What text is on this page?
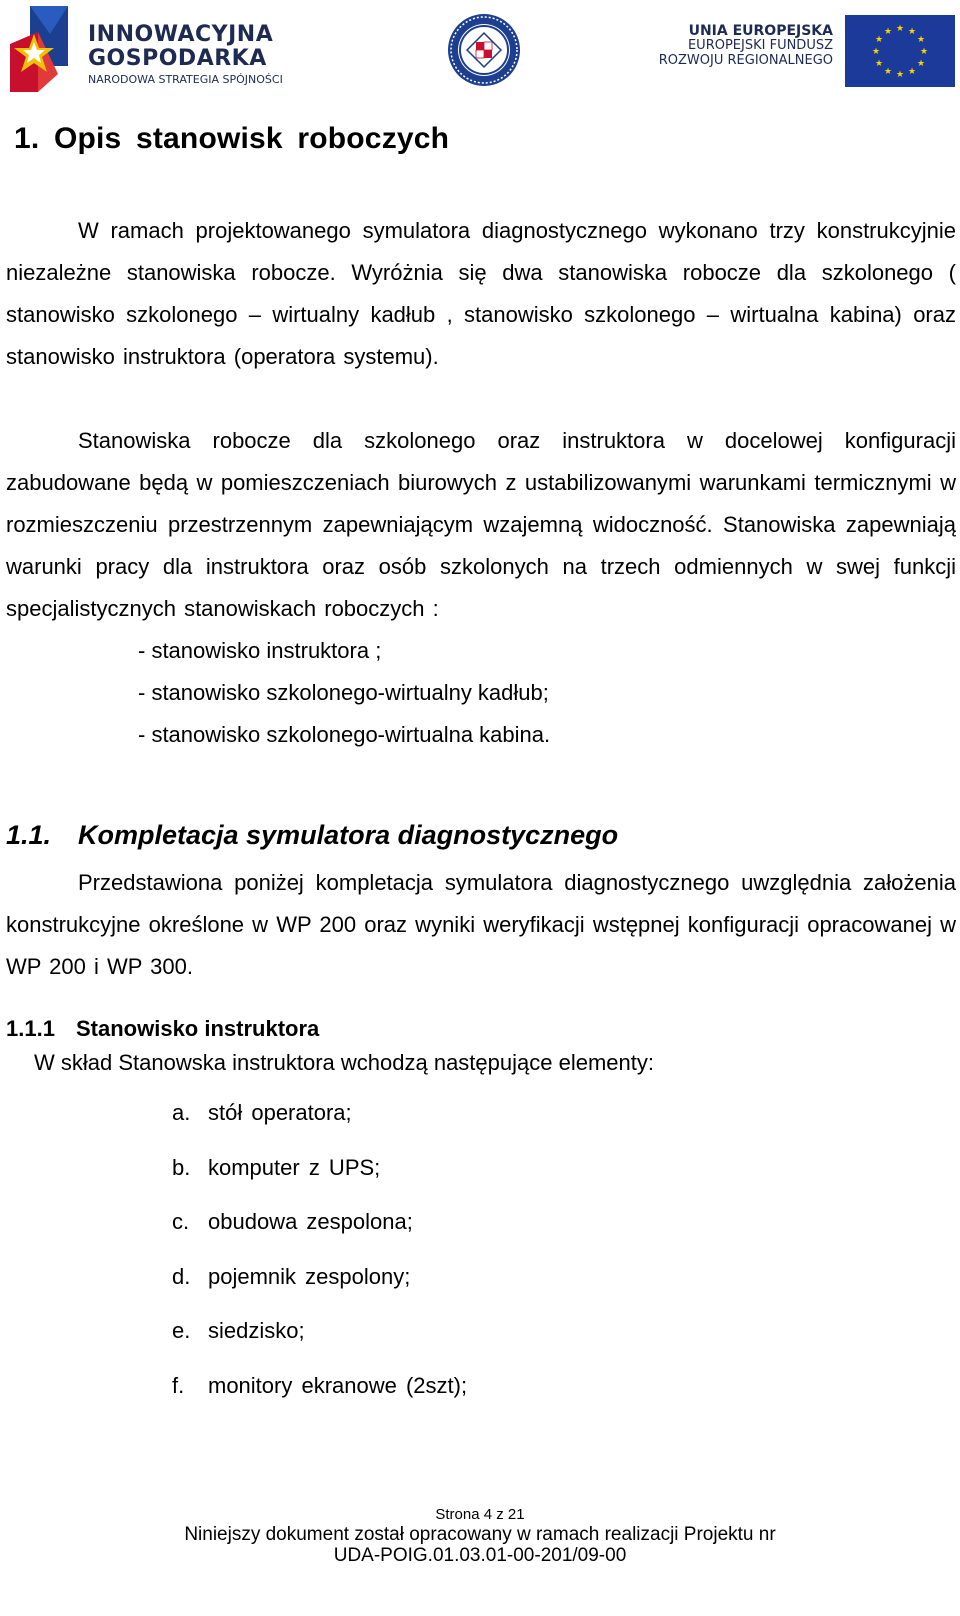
INNOWACYJNA
GOSPODARKA
NARODOWA STRATEGIA SPÓJNOŚCI
UNIA EUROPEJSKA
EUROPEJSKI FUNDUSZ
ROZWOJU REGIONALNEGO
★ ★
★
★
★
★
★
★
★
★
★
★
1. Opis stanowisk roboczych

W ramach projektowanego symulatora diagnostycznego wykonano trzy konstrukcyjnie niezależne stanowiska robocze. Wyróżnia się dwa stanowiska robocze dla szkolonego ( stanowisko szkolonego – wirtualny kadłub , stanowisko szkolonego – wirtualna kabina) oraz stanowisko instruktora (operatora systemu).

Stanowiska robocze dla szkolonego oraz instruktora w docelowej konfiguracji zabudowane będą w pomieszczeniach biurowych z ustabilizowanymi warunkami termicznymi w rozmieszczeniu przestrzennym zapewniającym wzajemną widoczność. Stanowiska zapewniają warunki pracy dla instruktora oraz osób szkolonych na trzech odmiennych w swej funkcji specjalistycznych stanowiskach roboczych :

- stanowisko instruktora ;
- stanowisko szkolonego-wirtualny kadłub;
- stanowisko szkolonego-wirtualna kabina.
1.1. Kompletacja symulatora diagnostycznego

Przedstawiona poniżej kompletacja symulatora diagnostycznego uwzględnia założenia konstrukcyjne określone w WP 200 oraz wyniki weryfikacji wstępnej konfiguracji opracowanej w WP 200 i WP 300.

1.1.1 Stanowisko instruktora

W skład Stanowska instruktora wchodzą następujące elementy:

a. stół operatora;
b. komputer z UPS;
c. obudowa zespolona;
d. pojemnik zespolony;
e. siedzisko;
f. monitory ekranowe (2szt);
Strona 4 z 21
Niniejszy dokument został opracowany w ramach realizacji Projektu nr
UDA-POIG.01.03.01-00-201/09-00
